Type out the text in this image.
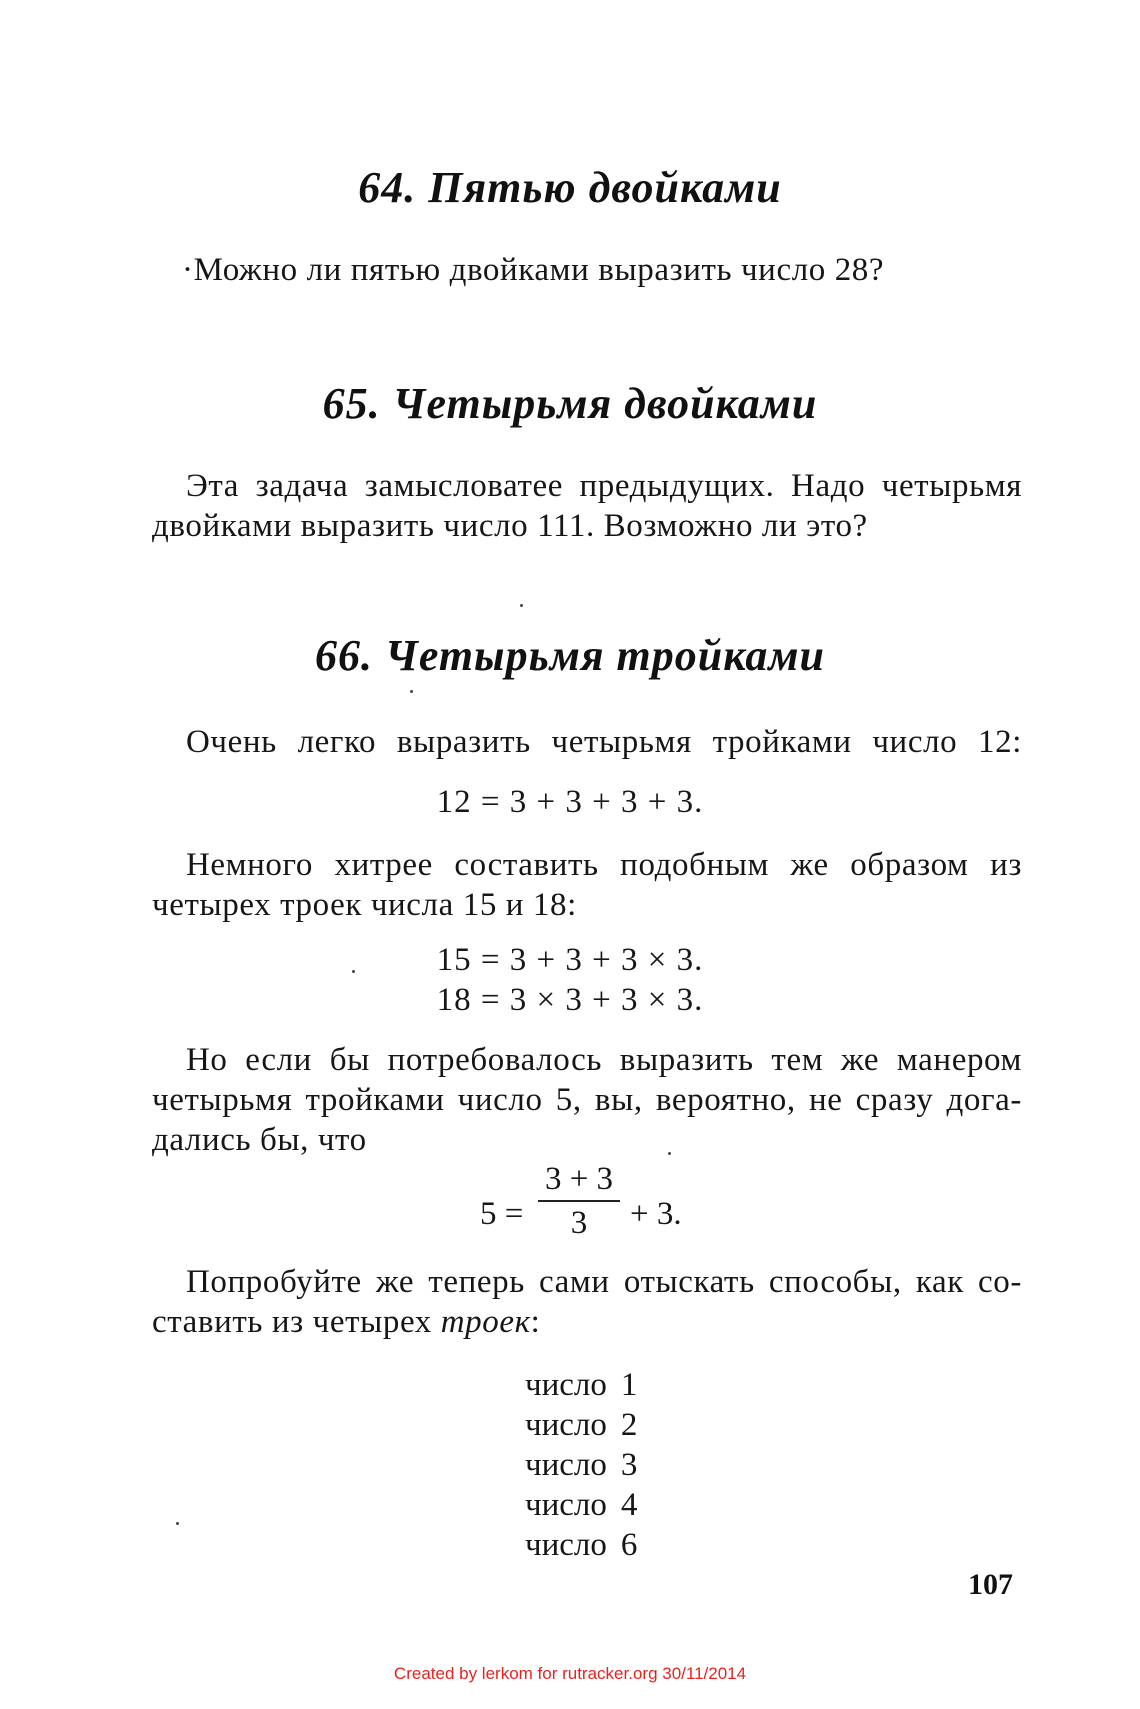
64. Пятью двойками
·Можно ли пятью двойками выразить число 28?
65. Четырьмя двойками
Эта задача замысловатее предыдущих. Надо четырьмя
двойками выразить число 111. Возможно ли это?
66. Четырьмя тройками
Очень легко выразить четырьмя тройками число 12:
12 = 3 + 3 + 3 + 3.
Немного хитрее составить подобным же образом из
четырех троек числа 15 и 18:
15 = 3 + 3 + 3 × 3.
18 = 3 × 3 + 3 × 3.
Но если бы потребовалось выразить тем же манером
четырьмя тройками число 5, вы, вероятно, не сразу дога-
дались бы, что
5 =
3 + 3
3	+ 3.
Попробуйте же теперь сами отыскать способы, как со-
ставить из четырех троек:
число 1
число 2
число 3
число 4
число 6
107
Created by lerkom for rutracker.org 30/11/2014
